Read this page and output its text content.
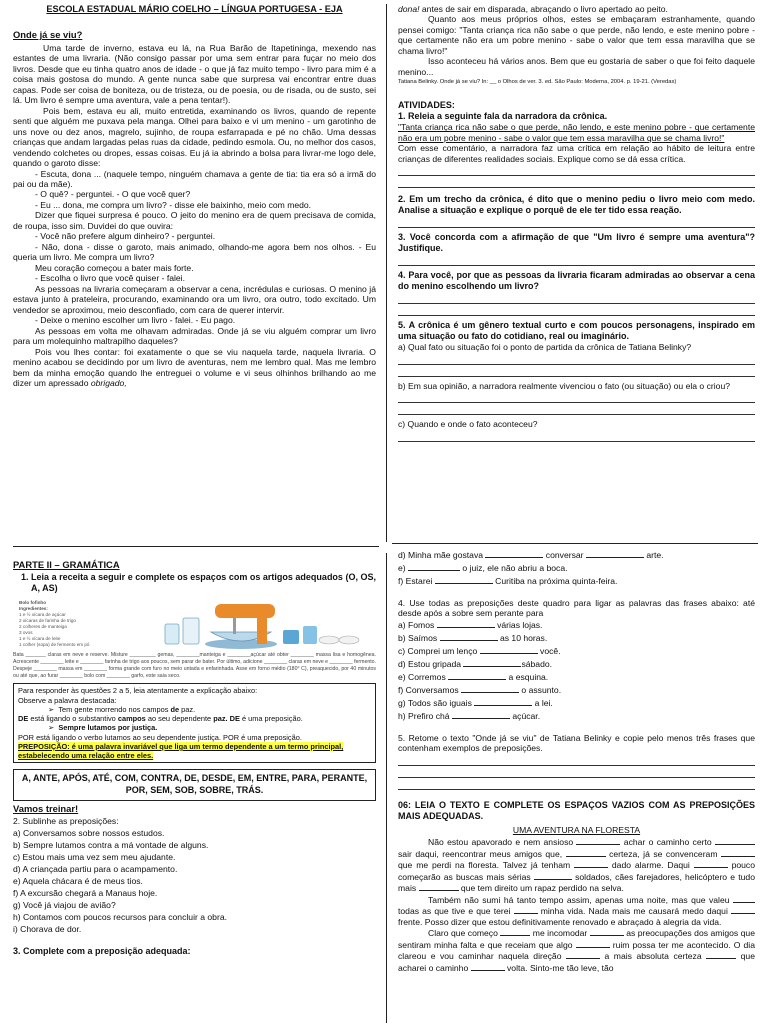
ESCOLA ESTADUAL MÁRIO COELHO – LÍNGUA PORTUGESA - EJA

Onde já se viu?

Uma tarde de inverno, estava eu lá, na Rua Barão de Itapetininga, mexendo nas estantes de uma livraria. (Não consigo passar por uma sem entrar para fuçar no meio dos livros. Desde que eu tinha quatro anos de idade - o que já faz muito tempo - livro para mim é a coisa mais gostosa do mundo. A gente nunca sabe que surpresa vai encontrar entre duas capas. Pode ser coisa de boniteza, ou de tristeza, ou de poesia, ou de risada, ou de susto, sei lá. Um livro é sempre uma aventura, vale a pena tentar!).

Pois bem, estava eu ali, muito entretida, examinando os livros, quando de repente senti que alguém me puxava pela manga. Olhei para baixo e vi um menino - um garotinho de uns nove ou dez anos, magrelo, sujinho, de roupa esfarrapada e pé no chão. Uma dessas crianças que andam largadas pelas ruas da cidade, pedindo esmola. Ou, no melhor dos casos, vendendo colchetes ou dropes, essas coisas. Eu já ia abrindo a bolsa para livrar-me logo dele, quando o garoto disse:

- Escuta, dona ... (naquele tempo, ninguém chamava a gente de tia: tia era só a irmã do pai ou da mãe).

- O quê? - perguntei. - O que você quer?

- Eu ... dona, me compra um livro? - disse ele baixinho, meio com medo.

Dizer que fiquei surpresa é pouco. O jeito do menino era de quem precisava de comida, de roupa, isso sim. Duvidei do que ouvira:

- Você não prefere algum dinheiro? - perguntei.

- Não, dona - disse o garoto, mais animado, olhando-me agora bem nos olhos. - Eu queria um livro. Me compra um livro?

Meu coração começou a bater mais forte.

- Escolha o livro que você quiser - falei.

As pessoas na livraria começaram a observar a cena, incrédulas e curiosas. O menino já estava junto à prateleira, procurando, examinando ora um livro, ora outro, todo excitado. Um vendedor se aproximou, meio desconfiado, com cara de querer intervir.

- Deixe o menino escolher um livro - falei. - Eu pago.

As pessoas em volta me olhavam admiradas. Onde já se viu alguém comprar um livro para um molequinho maltrapilho daqueles?

Pois vou lhes contar: foi exatamente o que se viu naquela tarde, naquela livraria. O menino acabou se decidindo por um livro de aventuras, nem me lembro qual. Mas me lembro bem da minha emoção quando lhe entreguei o volume e vi seus olhinhos brilhando ao me dizer um apressado obrigado,

dona! antes de sair em disparada, abraçando o livro apertado ao peito.

Quanto aos meus próprios olhos, estes se embaçaram estranhamente, quando pensei comigo: "Tanta criança rica não sabe o que perde, não lendo, e este menino pobre - que certamente não era um pobre menino - sabe o valor que tem essa maravilha que se chama livro!"

Isso aconteceu há vários anos. Bem que eu gostaria de saber o que foi feito daquele menino...

Tatiana Belinky. Onde já se viu? In: __ o Olhos de ver. 3. ed. São Paulo: Moderna, 2004. p. 19-21. (Veredas)

ATIVIDADES:

1. Releia a seguinte fala da narradora da crônica.

"Tanta criança rica não sabe o que perde, não lendo, e este menino pobre - que certamente não era um pobre menino - sabe o valor que tem essa maravilha que se chama livro!"

Com esse comentário, a narradora faz uma crítica em relação ao hábito de leitura entre crianças de diferentes realidades sociais. Explique como se dá essa crítica.

2. Em um trecho da crônica, é dito que o menino pediu o livro meio com medo. Analise a situação e explique o porquê de ele ter tido essa reação.

3. Você concorda com a afirmação de que "Um livro é sempre uma aventura"? Justifique.

4. Para você, por que as pessoas da livraria ficaram admiradas ao observar a cena do menino escolhendo um livro?

5. A crônica é um gênero textual curto e com poucos personagens, inspirado em uma situação ou fato do cotidiano, real ou imaginário.

a) Qual fato ou situação foi o ponto de partida da crônica de Tatiana Belinky?

b) Em sua opinião, a narradora realmente vivenciou o fato (ou situação) ou ela o criou?

c) Quando e onde o fato aconteceu?

PARTE II – GRAMÁTICA

1. Leia a receita a seguir e complete os espaços com os artigos adequados (O, OS, A, AS)

Bolo fofinho
Ingredientes:
1 e ½ xícara de açúcar
2 xícaras de farinha de trigo
2 colheres de manteiga
3 ovos
1 e ½ xícara de leite
1 colher (sopa) de fermento em pó

Bata _______ claras em neve e reserve. Misture _________ gemas, ________manteiga e ________açúcar até obter ________ massa lisa e homogênea. Acrescente ________ leite e ________ farinha de trigo aos poucos, sem parar de bater. Por último, adicione ________ claras em neve e ________ fermento. Despeje ________ massa em ________ forma grande com furo no meio untada e enfarinhada. Asse em forno médio (180° C), preaquecido, por 40 minutos ou até que, ao furar ________ bolo com ________ garfo, este saia seco.

Para responder às questões 2 a 5, leia atentamente a explicação abaixo:
Observe a palavra destacada:
➢  Tem gente morrendo nos campos de paz.
DE está ligando o substantivo campos ao seu dependente paz. DE é uma preposição.
➢  Sempre lutamos por justiça.
POR está ligando o verbo lutamos ao seu dependente justiça. POR é uma preposição.
PREPOSIÇÃO: é uma palavra invariável que liga um termo dependente a um termo principal, estabelecendo uma relação entre eles.
A, ANTE, APÓS, ATÉ, COM, CONTRA, DE, DESDE, EM, ENTRE, PARA, PERANTE, POR, SEM, SOB, SOBRE, TRÁS.

Vamos treinar!

2. Sublinhe as preposições:

a) Conversamos sobre nossos estudos.

b) Sempre lutamos contra a má vontade de alguns.

c) Estou mais uma vez sem meu ajudante.

d) A criançada partiu para o acampamento.

e) Aquela chácara é de meus tios.

f) A excursão chegará a Manaus hoje.

g) Você já viajou de avião?

h) Contamos com poucos recursos para concluir a obra.

i) Chorava de dor.

3. Complete com a preposição adequada:

d) Minha mãe gostava	conversar	arte.

e)	o juiz, ele não abriu a boca.

f) Estarei	Curitiba na próxima quinta-feira.

4. Use todas as preposições deste quadro para ligar as palavras das frases abaixo: até desde após a sobre sem perante para

a) Fomos	várias lojas.

b) Saímos	as 10 horas.

c) Comprei um lenço	você.

d) Estou gripada	sábado.

e) Corremos	a esquina.

f) Conversamos	o assunto.

g) Todos são iguais	a lei.

h) Prefiro chá	açúcar.

5. Retome o texto "Onde já se viu" de Tatiana Belinky e copie pelo menos três frases que contenham exemplos de preposições.

06: LEIA O TEXTO E COMPLETE OS ESPAÇOS VAZIOS COM AS PREPOSIÇÕES MAIS ADEQUADAS.

UMA AVENTURA NA FLORESTA

Não estou apavorado e nem ansioso	achar o caminho certo  sair daqui, reencontrar meus amigos que,	certeza, já se convenceram  que me perdi na floresta. Talvez já tenham	dado alarme. Daqui	pouco começarão as buscas mais sérias	soldados, cães farejadores, helicóptero e tudo mais	que tem direito um rapaz perdido na selva.

Também não sumi há tanto tempo assim, apenas uma noite, mas que valeu  todas as que tive e que terei	minha vida. Nada mais me causará medo daqui  frente. Posso dizer que estou definitivamente renovado e abraçado à alegria da vida.

Claro que começo	me incomodar	as preocupações dos amigos que sentiram minha falta e que receiam que algo	ruim possa ter me acontecido. O dia clareou e vou caminhar naquela direção	a mais absoluta certeza	que acharei o caminho	volta. Sinto-me tão leve, tão
